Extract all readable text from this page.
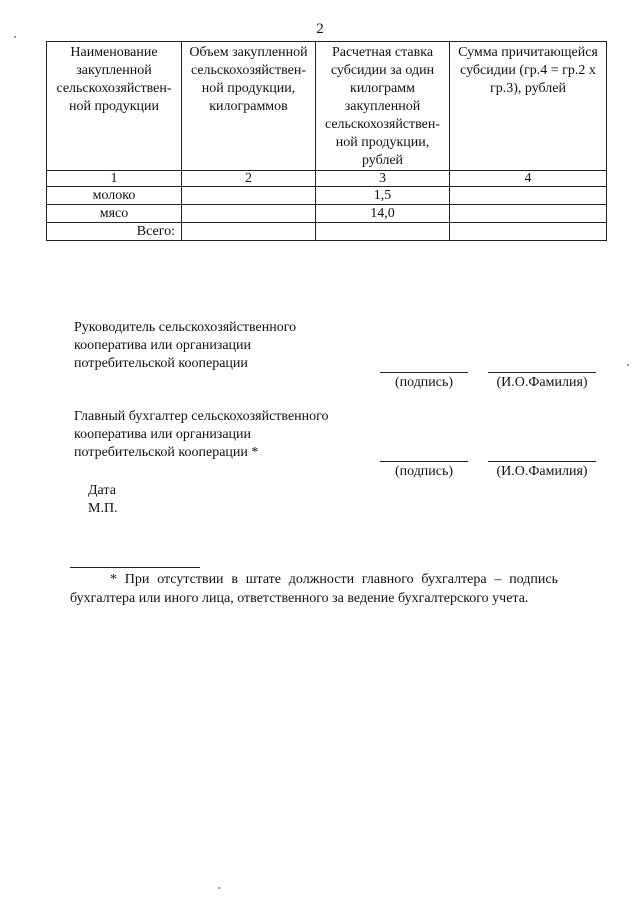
2
Наименование закупленной сельскохозяйствен-ной продукции	Объем закупленной сельскохозяйствен-ной продукции, килограммов	Расчетная ставка субсидии за один килограмм закупленной сельскохозяйствен-ной продукции, рублей	Сумма причитающейся субсидии (гр.4 = гр.2 х гр.3), рублей
1	2	3	4
молоко		1,5	
мясо		14,0	
Всего:			
Руководитель сельскохозяйственного
кооператива или организации
потребительской кооперации
(подпись)	(И.О.Фамилия)
Главный бухгалтер сельскохозяйственного
кооператива или организации
потребительской кооперации *
(подпись)	(И.О.Фамилия)
Дата
М.П.
* При отсутствии в штате должности главного бухгалтера – подпись бухгалтера или иного лица, ответственного за ведение бухгалтерского учета.
